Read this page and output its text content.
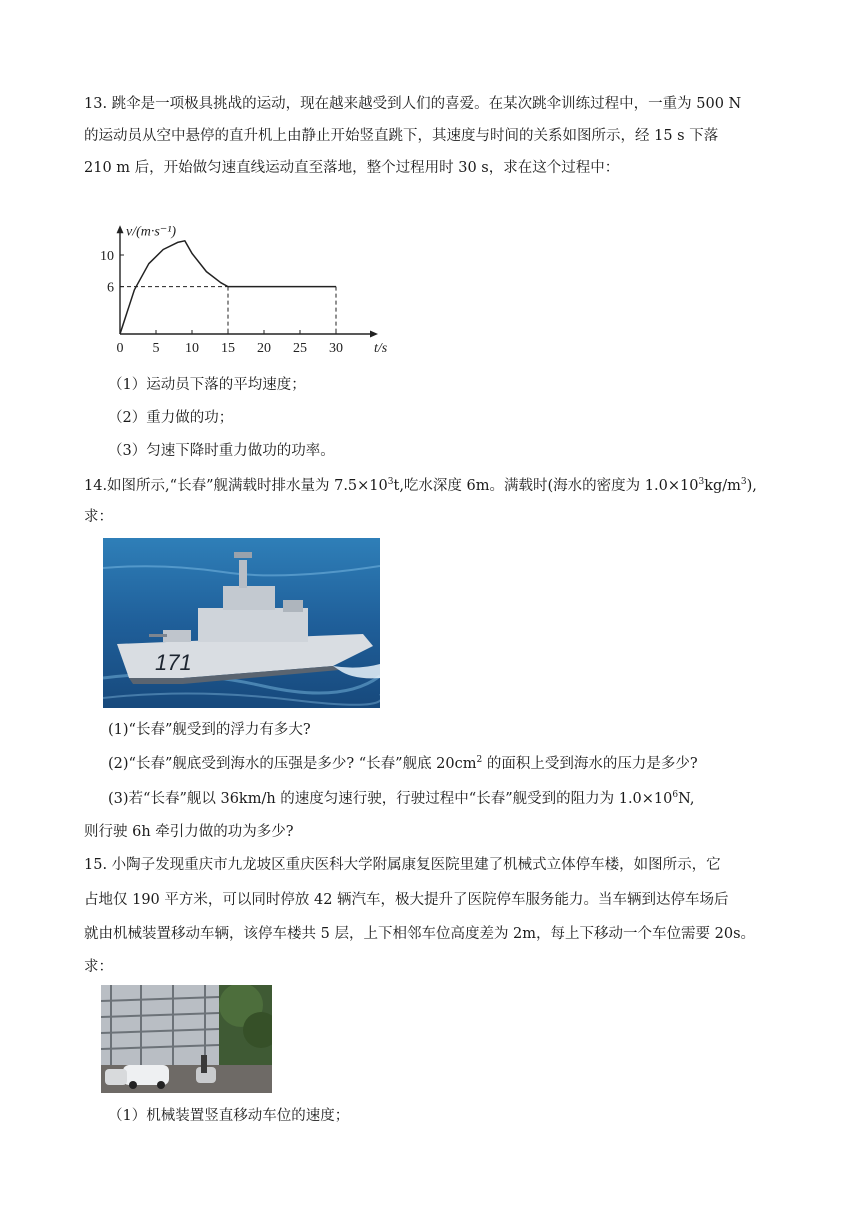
13. 跳伞是一项极具挑战的运动，现在越来越受到人们的喜爱。在某次跳伞训练过程中，一重为 500 N
的运动员从空中悬停的直升机上由静止开始竖直跳下，其速度与时间的关系如图所示，经 15 s 下落
210 m 后，开始做匀速直线运动直至落地，整个过程用时 30 s，求在这个过程中：
0 5 10 15 20 25 30
6
10
t/s
v/(m·s⁻¹)
（1）运动员下落的平均速度；
（2）重力做的功；
（3）匀速下降时重力做功的功率。
14.如图所示,“长春”舰满载时排水量为 $7.5\times 10^3t$,吃水深度 6m。满载时(海水的密度为 $1.0\times 10^3kg/m^3$),
求：
171
(1)“长春”舰受到的浮力有多大?
(2)“长春”舰底受到海水的压强是多少? “长春”舰底 $20cm^2$ 的面积上受到海水的压力是多少?
(3)若“长春”舰以 36km/h 的速度匀速行驶，行驶过程中“长春”舰受到的阻力为 $1.0\times 10^6N$,
则行驶 6h 牵引力做的功为多少?
15. 小陶子发现重庆市九龙坡区重庆医科大学附属康复医院里建了机械式立体停车楼，如图所示，它
占地仅 190 平方米，可以同时停放 42 辆汽车，极大提升了医院停车服务能力。当车辆到达停车场后
就由机械装置移动车辆，该停车楼共 5 层，上下相邻车位高度差为 2m，每上下移动一个车位需要 20s。
求：
（1）机械装置竖直移动车位的速度；
